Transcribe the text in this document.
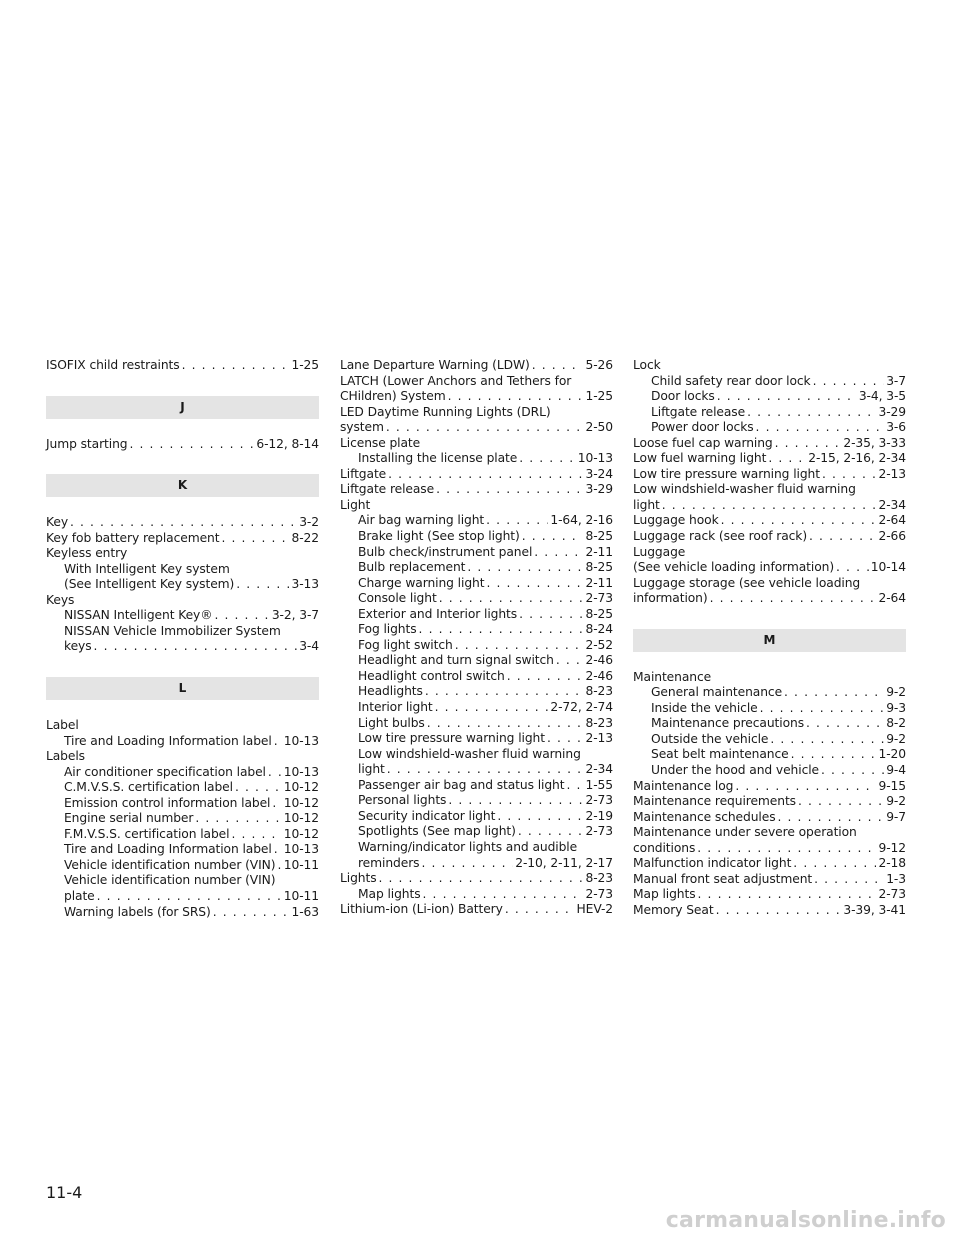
ISOFIX child restraints . . .	1-25
J
Jump starting . . .	6-12, 8-14
K
Key . . .	3-2
Key fob battery replacement . . .	8-22
Keyless entry
With Intelligent Key system
(See Intelligent Key system) . . .	3-13
Keys
NISSAN Intelligent Key® . . .	3-2, 3-7
NISSAN Vehicle Immobilizer System
keys . . .	3-4
L
Label
Tire and Loading Information label . . . 10-13
Labels
Air conditioner specification label . . . 10-13
C.M.V.S.S. certification label . . .	10-12
Emission control information label . . . 10-12
Engine serial number . . .	10-12
F.M.V.S.S. certification label . . .	10-12
Tire and Loading Information label . . . 10-13
Vehicle identification number (VIN) . . . 10-11
Vehicle identification number (VIN)
plate . . .	10-11
Warning labels (for SRS) . . .	1-63
Lane Departure Warning (LDW) . . .	5-26
LATCH (Lower Anchors and Tethers for
CHildren) System . . .	1-25
LED Daytime Running Lights (DRL)
system . . .	2-50
License plate
Installing the license plate . . .	10-13
Liftgate . . .	3-24
Liftgate release . . .	3-29
Light
Air bag warning light . . .	1-64, 2-16
Brake light (See stop light) . . .	8-25
Bulb check/instrument panel . . .	2-11
Bulb replacement . . .	8-25
Charge warning light . . .	2-11
Console light . . .	2-73
Exterior and Interior lights . . .	8-25
Fog lights . . .	8-24
Fog light switch . . .	2-52
Headlight and turn signal switch . . .	2-46
Headlight control switch . . .	2-46
Headlights . . .	8-23
Interior light . . .	2-72, 2-74
Light bulbs . . .	8-23
Low tire pressure warning light . . .	2-13
Low windshield-washer fluid warning
light . . .	2-34
Passenger air bag and status light . . . 1-55
Personal lights . . .	2-73
Security indicator light . . .	2-19
Spotlights (See map light) . . .	2-73
Warning/indicator lights and audible
reminders . . .	2-10, 2-11, 2-17
Lights . . .	8-23
Map lights . . .	2-73
Lithium-ion (Li-ion) Battery . . .	HEV-2
Lock
Child safety rear door lock . . .	3-7
Door locks . . .	3-4, 3-5
Liftgate release . . .	3-29
Power door locks . . .	3-6
Loose fuel cap warning . . .	2-35, 3-33
Low fuel warning light . . .	2-15, 2-16, 2-34
Low tire pressure warning light . . .	2-13
Low windshield-washer fluid warning
light . . .	2-34
Luggage hook . . .	2-64
Luggage rack (see roof rack) . . .	2-66
Luggage
(See vehicle loading information) . . .	10-14
Luggage storage (see vehicle loading
information) . . .	2-64
M
Maintenance
General maintenance . . .	9-2
Inside the vehicle . . .	9-3
Maintenance precautions . . .	8-2
Outside the vehicle . . .	9-2
Seat belt maintenance . . .	1-20
Under the hood and vehicle . . .	9-4
Maintenance log . . .	9-15
Maintenance requirements . . .	9-2
Maintenance schedules . . .	9-7
Maintenance under severe operation
conditions . . .	9-12
Malfunction indicator light . . .	2-18
Manual front seat adjustment . . .	1-3
Map lights . . .	2-73
Memory Seat . . .	3-39, 3-41
11-4
carmanualsonline.info
